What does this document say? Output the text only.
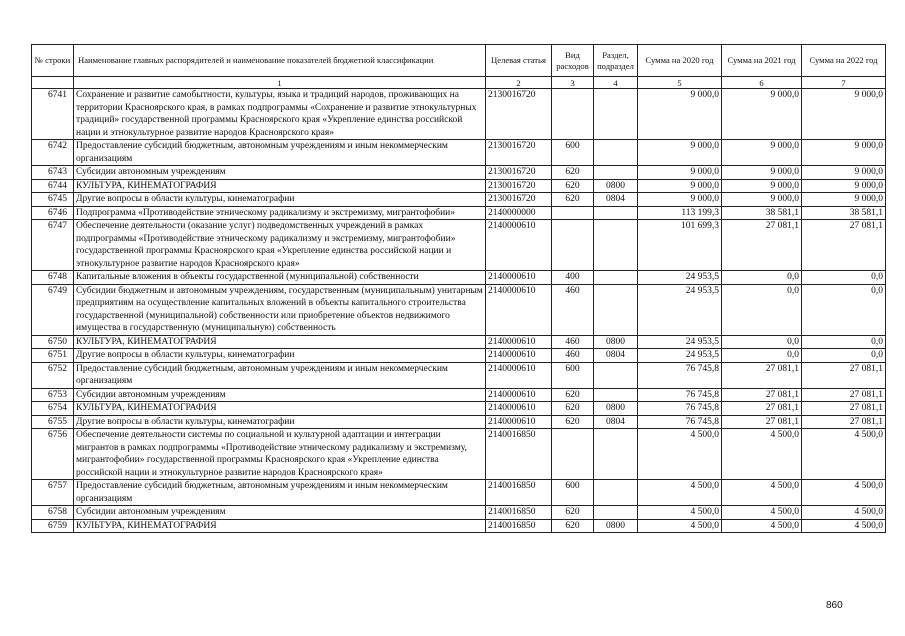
№ строки	Наименование главных распорядителей и наименование показателей бюджетной классификации	Целевая статья	Вид расходов	Раздел, подраздел	Сумма на 2020 год	Сумма на 2021 год	Сумма на 2022 год
	1	2	3	4	5	6	7
6741	Сохранение и развитие самобытности, культуры, языка и традиций народов, проживающих на территории Красноярского края, в рамках подпрограммы «Сохранение и развитие этнокультурных традиций» государственной программы Красноярского края «Укрепление единства российской нации и этнокультурное развитие народов Красноярского края»	2130016720			9 000,0	9 000,0	9 000,0
6742	Предоставление субсидий бюджетным, автономным учреждениям и иным некоммерческим организациям	2130016720	600		9 000,0	9 000,0	9 000,0
6743	Субсидии автономным учреждениям	2130016720	620		9 000,0	9 000,0	9 000,0
6744	КУЛЬТУРА, КИНЕМАТОГРАФИЯ	2130016720	620	0800	9 000,0	9 000,0	9 000,0
6745	Другие вопросы в области культуры, кинематографии	2130016720	620	0804	9 000,0	9 000,0	9 000,0
6746	Подпрограмма «Противодействие этническому радикализму и экстремизму, мигрантофобии»	2140000000			113 199,3	38 581,1	38 581,1
6747	Обеспечение деятельности (оказание услуг) подведомственных учреждений в рамках подпрограммы «Противодействие этническому радикализму и экстремизму, мигрантофобии» государственной программы Красноярского края «Укрепление единства российской нации и этнокультурное развитие народов Красноярского края»	2140000610			101 699,3	27 081,1	27 081,1
6748	Капитальные вложения в объекты государственной (муниципальной) собственности	2140000610	400		24 953,5	0,0	0,0
6749	Субсидии бюджетным и автономным учреждениям, государственным (муниципальным) унитарным предприятиям на осуществление капитальных вложений в объекты капитального строительства государственной (муниципальной) собственности или приобретение объектов недвижимого имущества в государственную (муниципальную) собственность	2140000610	460		24 953,5	0,0	0,0
6750	КУЛЬТУРА, КИНЕМАТОГРАФИЯ	2140000610	460	0800	24 953,5	0,0	0,0
6751	Другие вопросы в области культуры, кинематографии	2140000610	460	0804	24 953,5	0,0	0,0
6752	Предоставление субсидий бюджетным, автономным учреждениям и иным некоммерческим организациям	2140000610	600		76 745,8	27 081,1	27 081,1
6753	Субсидии автономным учреждениям	2140000610	620		76 745,8	27 081,1	27 081,1
6754	КУЛЬТУРА, КИНЕМАТОГРАФИЯ	2140000610	620	0800	76 745,8	27 081,1	27 081,1
6755	Другие вопросы в области культуры, кинематографии	2140000610	620	0804	76 745,8	27 081,1	27 081,1
6756	Обеспечение деятельности системы по социальной и культурной адаптации и интеграции мигрантов в рамках подпрограммы «Противодействие этническому радикализму и экстремизму, мигрантофобии» государственной программы Красноярского края «Укрепление единства российской нации и этнокультурное развитие народов Красноярского края»	2140016850			4 500,0	4 500,0	4 500,0
6757	Предоставление субсидий бюджетным, автономным учреждениям и иным некоммерческим организациям	2140016850	600		4 500,0	4 500,0	4 500,0
6758	Субсидии автономным учреждениям	2140016850	620		4 500,0	4 500,0	4 500,0
6759	КУЛЬТУРА, КИНЕМАТОГРАФИЯ	2140016850	620	0800	4 500,0	4 500,0	4 500,0
860
